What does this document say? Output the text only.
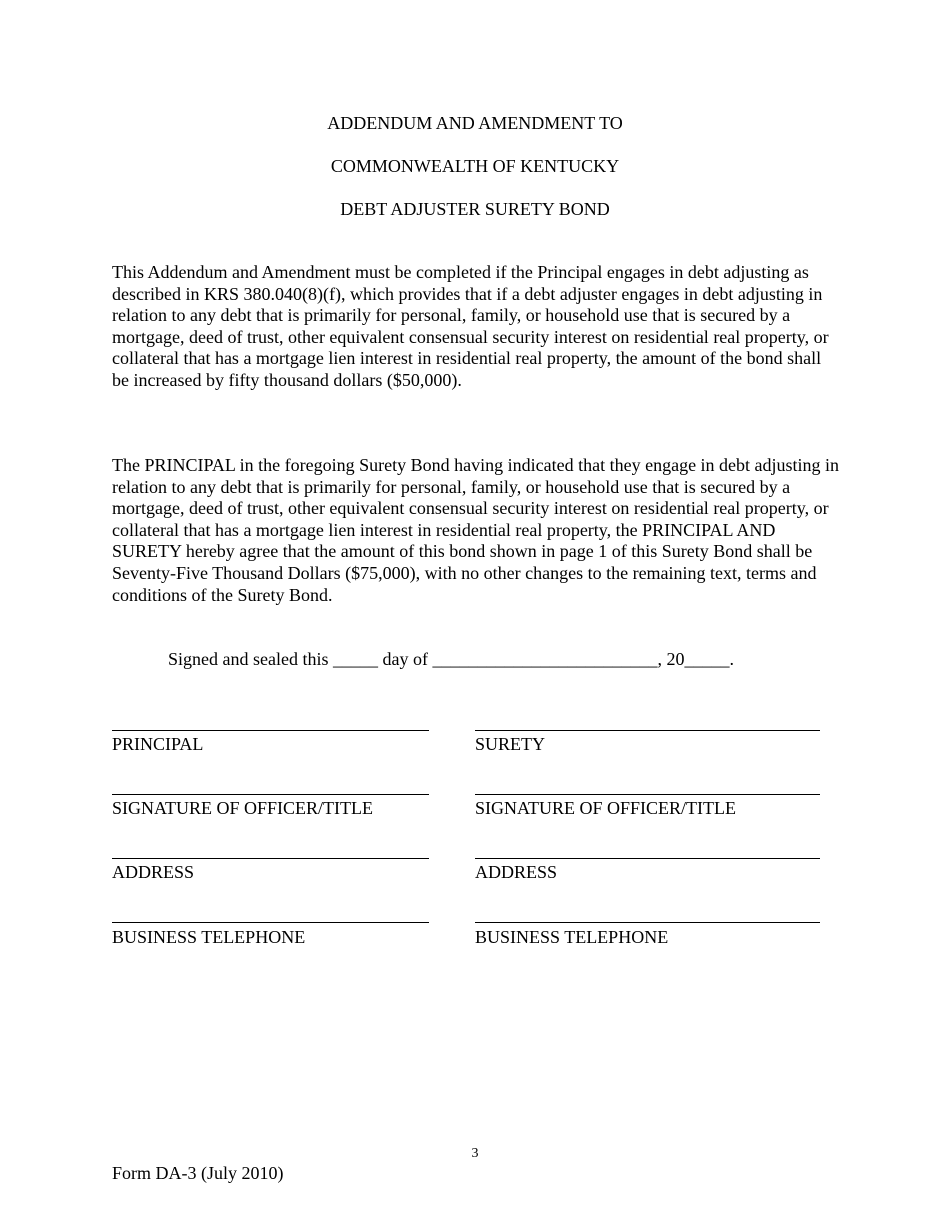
ADDENDUM AND AMENDMENT TO
COMMONWEALTH OF KENTUCKY
DEBT ADJUSTER SURETY BOND

This Addendum and Amendment must be completed if the Principal engages in debt adjusting as described in KRS 380.040(8)(f), which provides that if a debt adjuster engages in debt adjusting in relation to any debt that is primarily for personal, family, or household use that is secured by a mortgage, deed of trust, other equivalent consensual security interest on residential real property, or collateral that has a mortgage lien interest in residential real property, the amount of the bond shall be increased by fifty thousand dollars ($50,000).

The PRINCIPAL in the foregoing Surety Bond having indicated that they engage in debt adjusting in relation to any debt that is primarily for personal, family, or household use that is secured by a mortgage, deed of trust, other equivalent consensual security interest on residential real property, or collateral that has a mortgage lien interest in residential real property, the PRINCIPAL AND SURETY hereby agree that the amount of this bond shown in page 1 of this Surety Bond shall be Seventy-Five Thousand Dollars ($75,000), with no other changes to the remaining text, terms and conditions of the Surety Bond.

Signed and sealed this _____ day of _________________________, 20_____.
PRINCIPAL
SIGNATURE OF OFFICER/TITLE
ADDRESS
BUSINESS TELEPHONE
SURETY
SIGNATURE OF OFFICER/TITLE
ADDRESS
BUSINESS TELEPHONE
3
Form DA-3 (July 2010)
